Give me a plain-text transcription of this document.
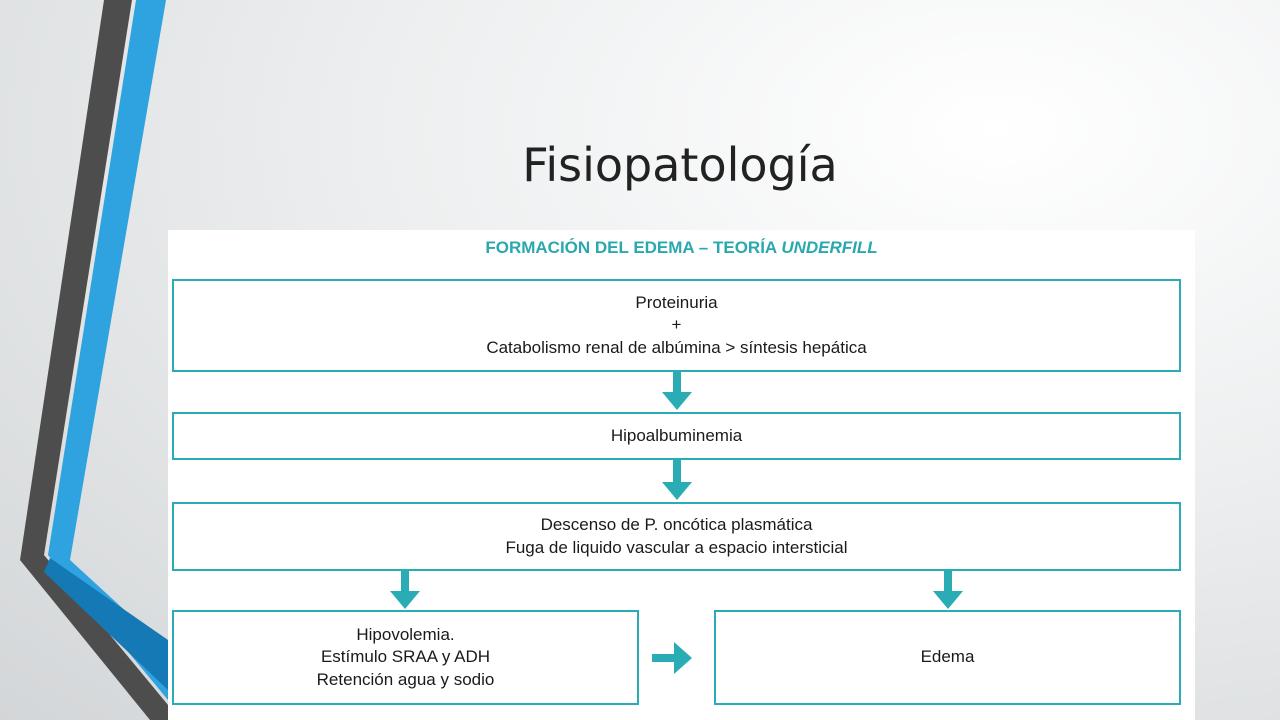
Fisiopatología
FORMACIÓN DEL EDEMA – TEORÍA UNDERFILL
Proteinuria
+
Catabolismo renal de albúmina > síntesis hepática
Hipoalbuminemia
Descenso de P. oncótica plasmática
Fuga de liquido vascular a espacio intersticial
Hipovolemia.
Estímulo SRAA y ADH
Retención agua y sodio
Edema
